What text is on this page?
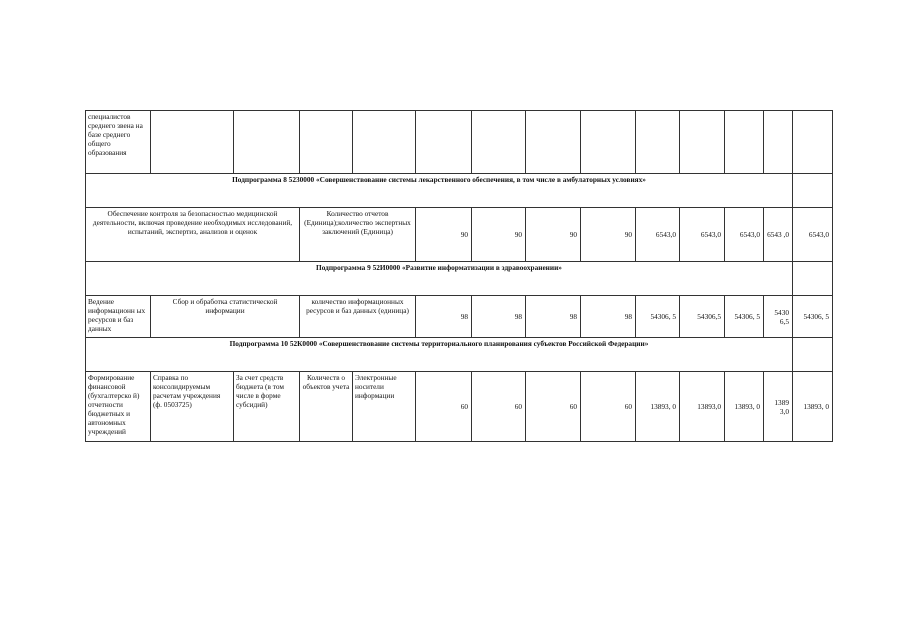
специалистов среднего звена на базе среднего общего образования													
Подпрограмма 8 5230000 «Совершенствование системы лекарственного обеспечения, в том числе в амбулаторных условиях»													
Обеспечение контроля за безопасностью медицинской деятельности, включая проведение необходимых исследований, испытаний, экспертиз, анализов и оценок			Количество отчетов (Единица);количество экспертных заключений (Единица)		90	90	90	90	6543,0	6543,0	6543,0	6543 ,0	6543,0
Подпрограмма 9 52И0000 «Развитие информатизации в здравоохранении»													
Ведение информационн ых ресурсов и баз данных	Сбор и обработка статистической информации		количество информационных ресурсов и баз данных (единица)		98	98	98	98	54306, 5	54306,5	54306, 5	5430 6,5	54306, 5
Подпрограмма 10 52К0000 «Совершенствование системы территориального планирования субъектов Российской Федерации»													
Формирование финансовой (бухгалтерско й) отчетности бюджетных и автономных учреждений	Справка по консолидируемым расчетам учреждения (ф. 0503725)	За счет средств бюджета (в том числе в форме субсидий)	Количеств о объектов учета	Электронные носители информации	60	60	60	60	13893, 0	13893,0	13893, 0	1389 3,0	13893, 0
